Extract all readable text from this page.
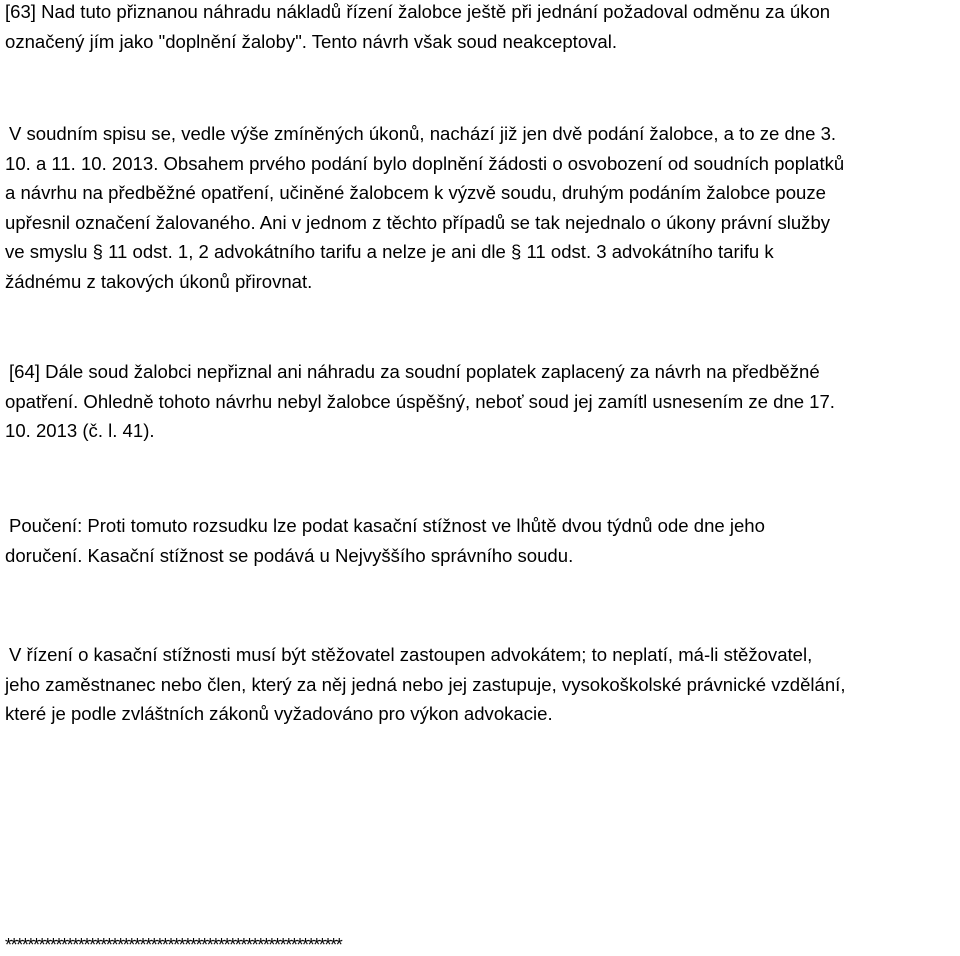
[63] Nad tuto přiznanou náhradu nákladů řízení žalobce ještě při jednání požadoval odměnu za úkon
označený jím jako "doplnění žaloby". Tento návrh však soud neakceptoval.

V soudním spisu se, vedle výše zmíněných úkonů, nachází již jen dvě podání žalobce, a to ze dne 3.
10. a 11. 10. 2013. Obsahem prvého podání bylo doplnění žádosti o osvobození od soudních poplatků
a návrhu na předběžné opatření, učiněné žalobcem k výzvě soudu, druhým podáním žalobce pouze
upřesnil označení žalovaného. Ani v jednom z těchto případů se tak nejednalo o úkony právní služby
ve smyslu § 11 odst. 1, 2 advokátního tarifu a nelze je ani dle § 11 odst. 3 advokátního tarifu k
žádnému z takových úkonů přirovnat.

[64] Dále soud žalobci nepřiznal ani náhradu za soudní poplatek zaplacený za návrh na předběžné
opatření. Ohledně tohoto návrhu nebyl žalobce úspěšný, neboť soud jej zamítl usnesením ze dne 17.
10. 2013 (č. l. 41).

Poučení: Proti tomuto rozsudku lze podat kasační stížnost ve lhůtě dvou týdnů ode dne jeho
doručení. Kasační stížnost se podává u Nejvyššího správního soudu.

V řízení o kasační stížnosti musí být stěžovatel zastoupen advokátem; to neplatí, má-li stěžovatel,
jeho zaměstnanec nebo člen, který za něj jedná nebo jej zastupuje, vysokoškolské právnické vzdělání,
které je podle zvláštních zákonů vyžadováno pro výkon advokacie.

************************************************************
